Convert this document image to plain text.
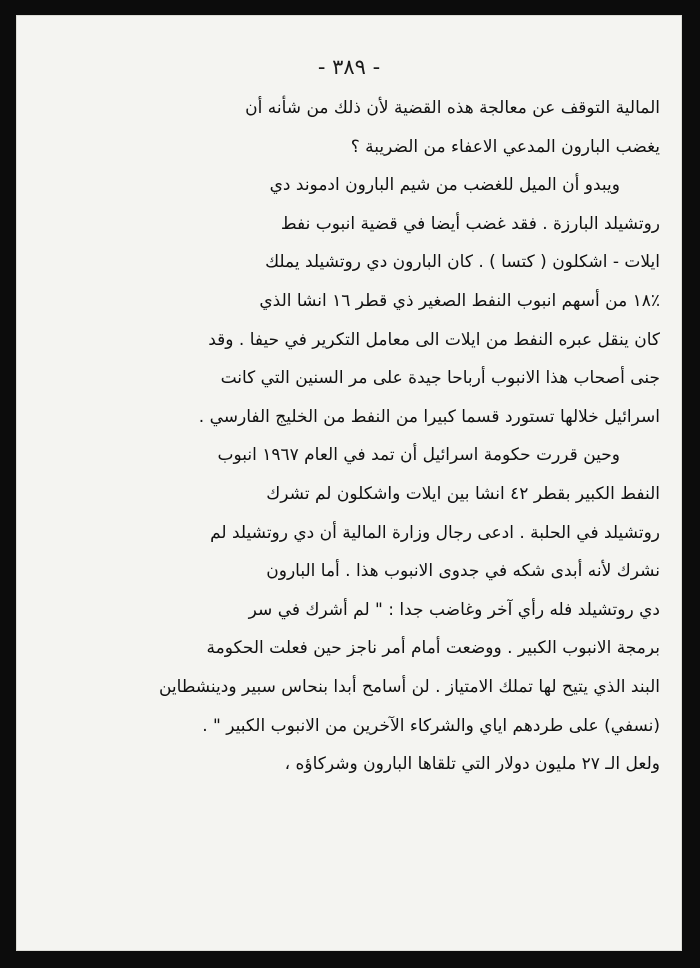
- ٣٨٩ -
المالية التوقف عن معالجة هذه القضية لأن ذلك من شأنه أن
يغضب البارون المدعي الاعفاء من الضريبة ؟
ويبدو أن الميل للغضب من شيم البارون ادموند دي
روتشيلد البارزة . فقد غضب أيضا في قضية انبوب نفط
ايلات - اشكلون ( كتسا ) . كان البارون دي روتشيلد يملك
٪١٨ من أسهم انبوب النفط الصغير ذي قطر ١٦ انشا الذي
كان ينقل عبره النفط من ايلات الى معامل التكرير في حيفا . وقد
جنى أصحاب هذا الانبوب أرباحا جيدة على مر السنين التي كانت
اسرائيل خلالها تستورد قسما كبيرا من النفط من الخليج الفارسي .
وحين قررت حكومة اسرائيل أن تمد في العام ١٩٦٧ انبوب
النفط الكبير بقطر ٤٢ انشا بين ايلات واشكلون لم تشرك
روتشيلد في الحلبة . ادعى رجال وزارة المالية أن دي روتشيلد لم
نشرك لأنه أبدى شكه في جدوى الانبوب هذا . أما البارون
دي روتشيلد فله رأي آخر وغاضب جدا : " لم أشرك في سر
برمجة الانبوب الكبير . ووضعت أمام أمر ناجز حين فعلت الحكومة
البند الذي يتيح لها تملك الامتياز . لن أسامح أبدا بنحاس سبير ودينشطاين
(نسفي) على طردهم اياي والشركاء الآخرين من الانبوب الكبير " .
ولعل الـ ٢٧ مليون دولار التي تلقاها البارون وشركاؤه ،
